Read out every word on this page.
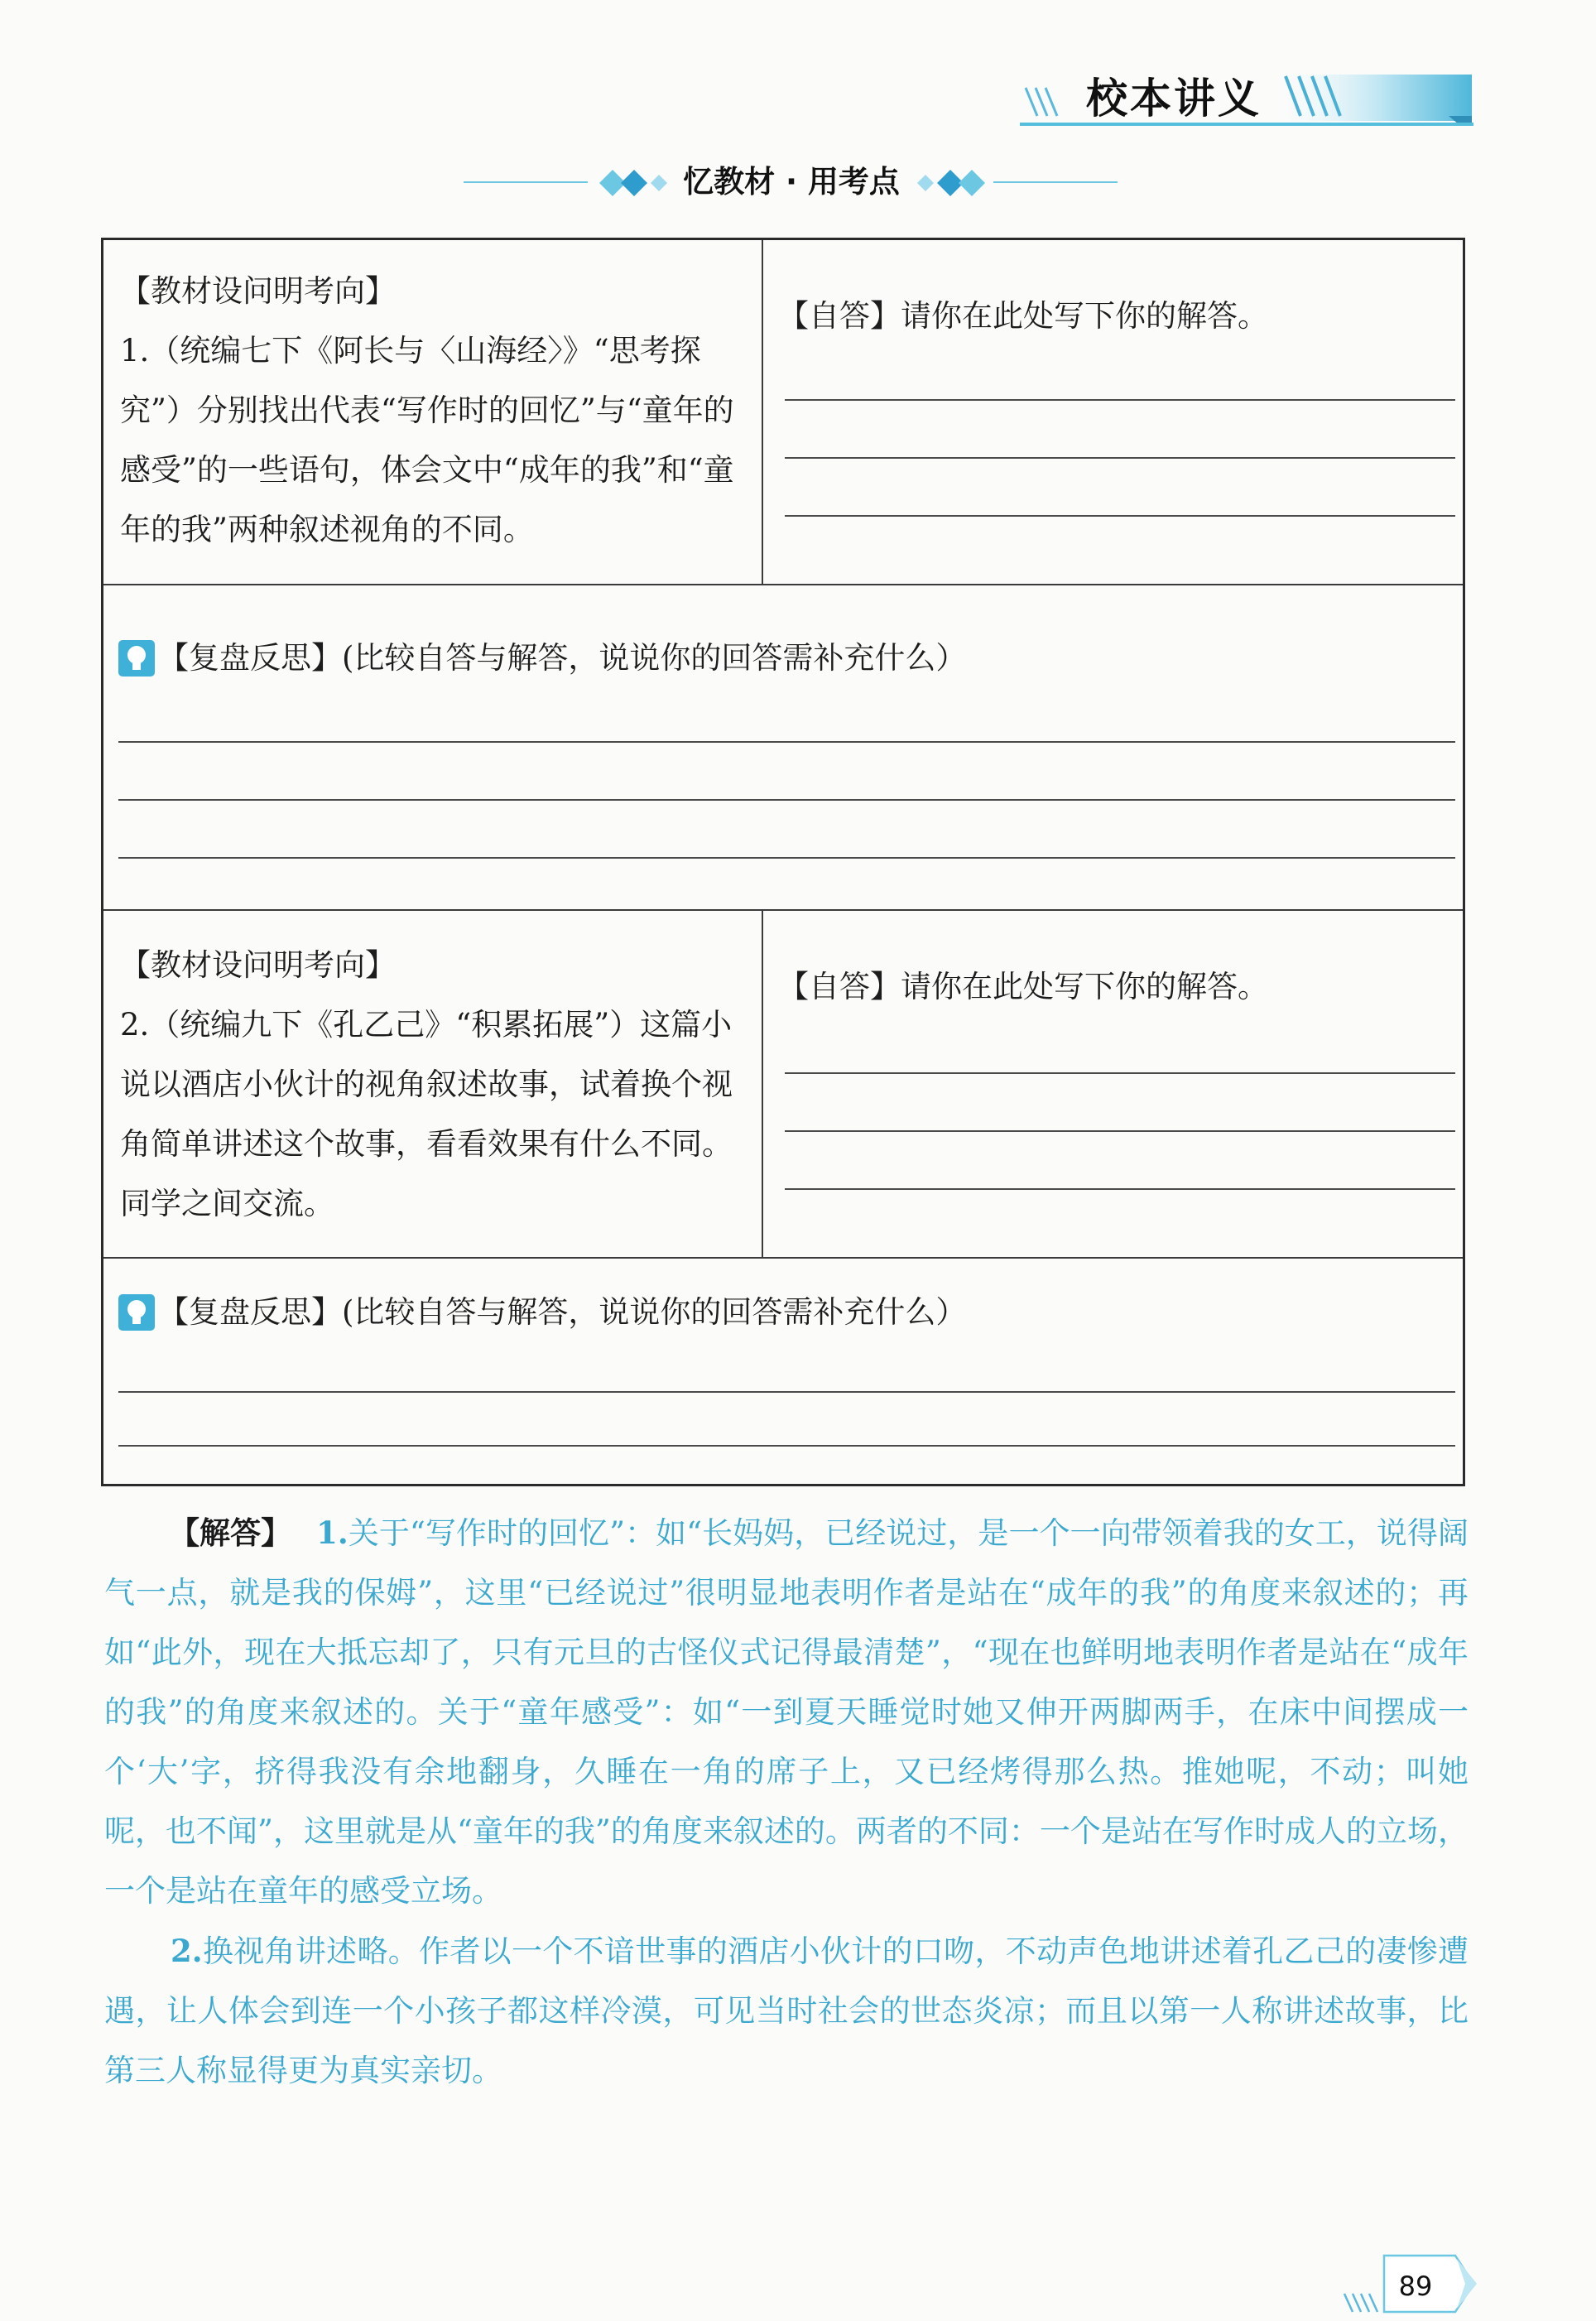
校本讲义
忆教材 · 用考点
【教材设问明考向】
1.（统编七下《阿长与〈山海经〉》“思考探究”）分别找出代表“写作时的回忆”与“童年的感受”的一些语句，体会文中“成年的我”和“童年的我”两种叙述视角的不同。
【自答】请你在此处写下你的解答。
【复盘反思】(比较自答与解答，说说你的回答需补充什么）
【教材设问明考向】
2.（统编九下《孔乙己》“积累拓展”）这篇小说以酒店小伙计的视角叙述故事，试着换个视角简单讲述这个故事，看看效果有什么不同。同学之间交流。
【自答】请你在此处写下你的解答。
【复盘反思】(比较自答与解答，说说你的回答需补充什么）

【解答】 1.关于“写作时的回忆”：如“长妈妈，已经说过，是一个一向带领着我的女工，说得阔气一点，就是我的保姆”，这里“已经说过”很明显地表明作者是站在“成年的我”的角度来叙述的；再如“此外，现在大抵忘却了，只有元旦的古怪仪式记得最清楚”，“现在也鲜明地表明作者是站在“成年的我”的角度来叙述的。关于“童年感受”：如“一到夏天睡觉时她又伸开两脚两手，在床中间摆成一个‘大’字，挤得我没有余地翻身，久睡在一角的席子上，又已经烤得那么热。推她呢，不动；叫她呢，也不闻”，这里就是从“童年的我”的角度来叙述的。两者的不同：一个是站在写作时成人的立场，一个是站在童年的感受立场。

2.换视角讲述略。作者以一个不谙世事的酒店小伙计的口吻，不动声色地讲述着孔乙己的凄惨遭遇，让人体会到连一个小孩子都这样冷漠，可见当时社会的世态炎凉；而且以第一人称讲述故事，比第三人称显得更为真实亲切。

89
